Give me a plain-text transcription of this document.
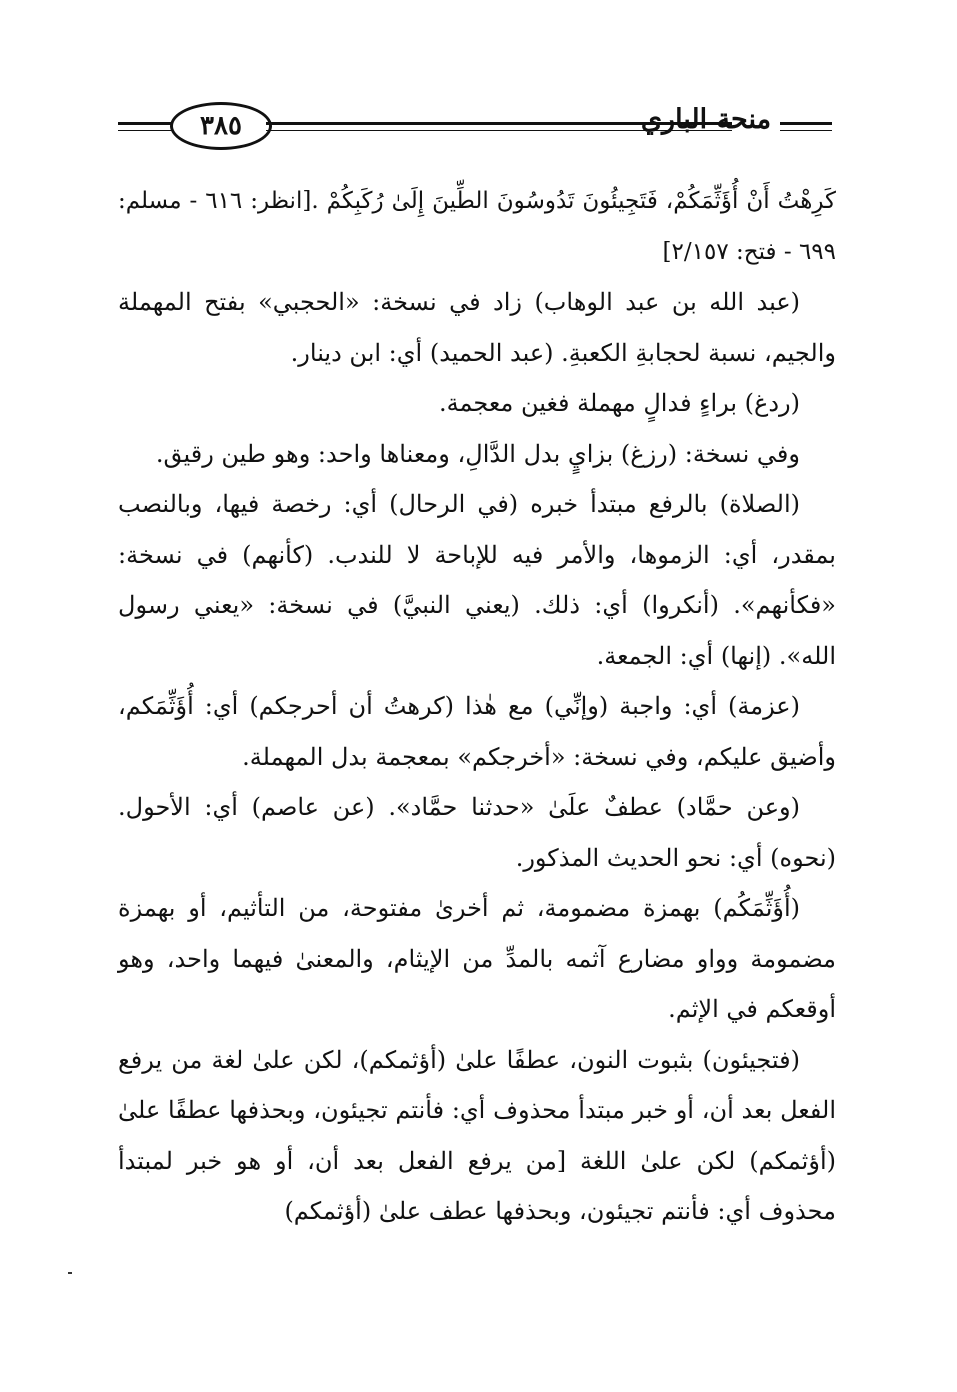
٣٨٥	منحة الباري

كَرِهْتُ أَنْ أُؤَثِّمَكُمْ، فَتَجِيئُونَ تَدُوسُونَ الطِّينَ إِلَىٰ رُكَبِكُمْ .[انظر: ٦١٦ - مسلم: ٦٩٩ - فتح: ٢/١٥٧]

(عبد الله بن عبد الوهاب) زاد في نسخة: «الحجبي» بفتح المهملة والجيم، نسبة لحجابةِ الكعبةِ. (عبد الحميد) أي: ابن دينار.

(ردغ) براءٍ فدالٍ مهملة فغين معجمة.

وفي نسخة: (رزغ) بزايٍ بدل الدَّالِ، ومعناها واحد: وهو طين رقيق.

(الصلاة) بالرفع مبتدأ خبره (في الرحال) أي: رخصة فيها، وبالنصب بمقدر، أي: الزموها، والأمر فيه للإباحة لا للندب. (كأنهم) في نسخة: «فكأنهم». (أنكروا) أي: ذلك. (يعني النبيَّ) في نسخة: «يعني رسول الله». (إنها) أي: الجمعة.

(عزمة) أي: واجبة (وإنِّي) مع هٰذا (كرهتُ أن أحرجكم) أي: أُؤَثِّمَكم، وأضيق عليكم، وفي نسخة: «أخرجكم» بمعجمة بدل المهملة.

(وعن حمَّاد) عطفٌ علَىٰ «حدثنا حمَّاد». (عن عاصم) أي: الأحول. (نحوه) أي: نحو الحديث المذكور.

(أُؤَثِّمَكُم) بهمزة مضمومة، ثم أخرىٰ مفتوحة، من التأثيم، أو بهمزة مضمومة وواو مضارع آثمه بالمدِّ من الإيثام، والمعنىٰ فيهما واحد، وهو أوقعكم في الإثم.

(فتجيئون) بثبوت النون، عطفًا علىٰ (أؤثمكم)، لكن علىٰ لغة من يرفع الفعل بعد أن، أو خبر مبتدأ محذوف أي: فأنتم تجيئون، وبحذفها عطفًا علىٰ (أؤثمكم) لكن علىٰ اللغة [من يرفع الفعل بعد أن، أو هو خبر لمبتدأ محذوف أي: فأنتم تجيئون، وبحذفها عطف علىٰ (أؤثمكم)
